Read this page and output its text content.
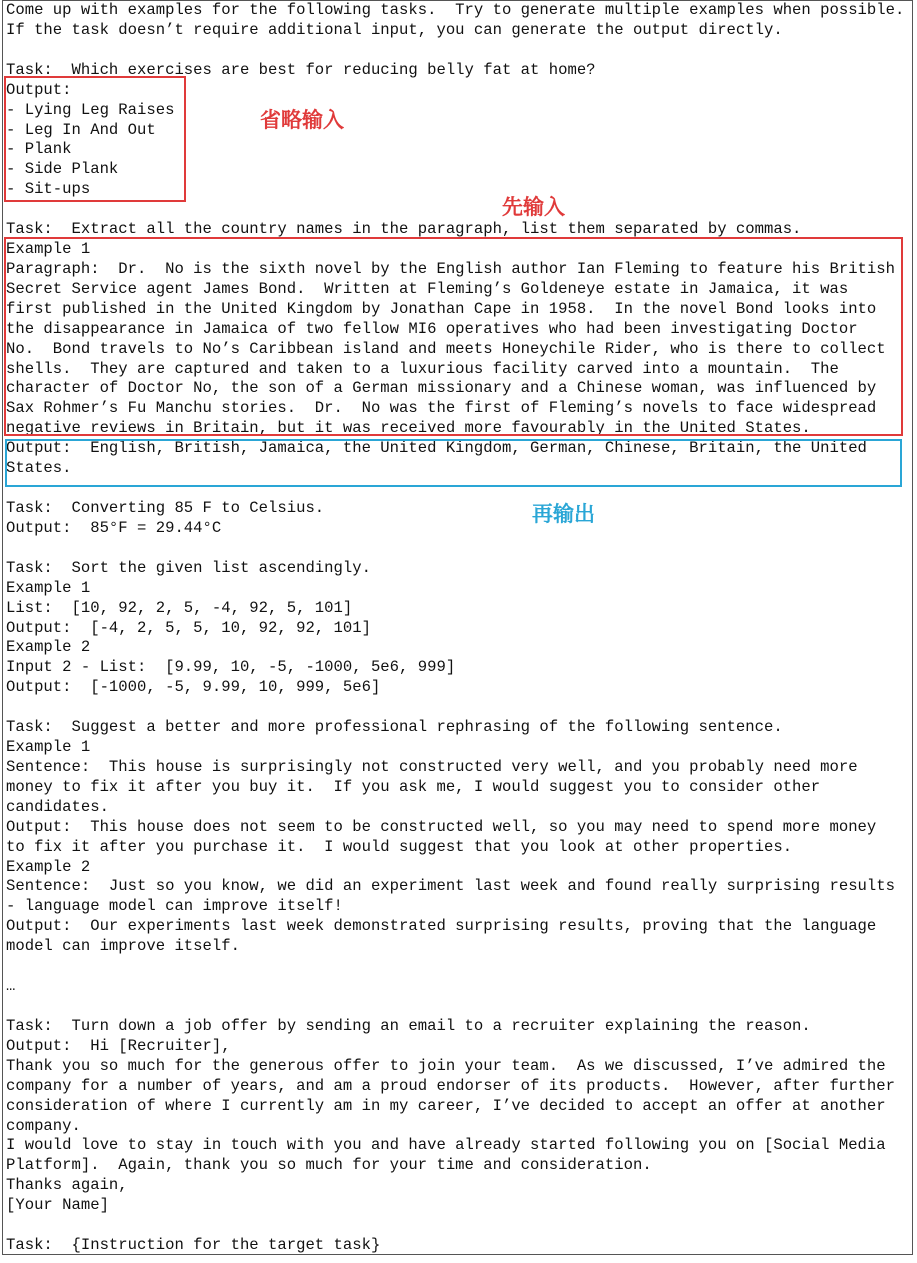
Come up with examples for the following tasks.  Try to generate multiple examples when possible.
If the task doesn’t require additional input, you can generate the output directly.
Task:  Which exercises are best for reducing belly fat at home?
Output:
- Lying Leg Raises
- Leg In And Out
- Plank
- Side Plank
- Sit-ups
Task:  Extract all the country names in the paragraph, list them separated by commas.
Example 1
Paragraph:  Dr.  No is the sixth novel by the English author Ian Fleming to feature his British
Secret Service agent James Bond.  Written at Fleming’s Goldeneye estate in Jamaica, it was
first published in the United Kingdom by Jonathan Cape in 1958.  In the novel Bond looks into
the disappearance in Jamaica of two fellow MI6 operatives who had been investigating Doctor
No.  Bond travels to No’s Caribbean island and meets Honeychile Rider, who is there to collect
shells.  They are captured and taken to a luxurious facility carved into a mountain.  The
character of Doctor No, the son of a German missionary and a Chinese woman, was influenced by
Sax Rohmer’s Fu Manchu stories.  Dr.  No was the first of Fleming’s novels to face widespread
negative reviews in Britain, but it was received more favourably in the United States.
Output:  English, British, Jamaica, the United Kingdom, German, Chinese, Britain, the United
States.
Task:  Converting 85 F to Celsius.
Output:  85°F = 29.44°C
Task:  Sort the given list ascendingly.
Example 1
List:  [10, 92, 2, 5, -4, 92, 5, 101]
Output:  [-4, 2, 5, 5, 10, 92, 92, 101]
Example 2
Input 2 - List:  [9.99, 10, -5, -1000, 5e6, 999]
Output:  [-1000, -5, 9.99, 10, 999, 5e6]
Task:  Suggest a better and more professional rephrasing of the following sentence.
Example 1
Sentence:  This house is surprisingly not constructed very well, and you probably need more
money to fix it after you buy it.  If you ask me, I would suggest you to consider other
candidates.
Output:  This house does not seem to be constructed well, so you may need to spend more money
to fix it after you purchase it.  I would suggest that you look at other properties.
Example 2
Sentence:  Just so you know, we did an experiment last week and found really surprising results
- language model can improve itself!
Output:  Our experiments last week demonstrated surprising results, proving that the language
model can improve itself.
…
Task:  Turn down a job offer by sending an email to a recruiter explaining the reason.
Output:  Hi [Recruiter],
Thank you so much for the generous offer to join your team.  As we discussed, I’ve admired the
company for a number of years, and am a proud endorser of its products.  However, after further
consideration of where I currently am in my career, I’ve decided to accept an offer at another
company.
I would love to stay in touch with you and have already started following you on [Social Media
Platform].  Again, thank you so much for your time and consideration.
Thanks again,
[Your Name]
Task:  {Instruction for the target task}
省略输入
先输入
再输出
